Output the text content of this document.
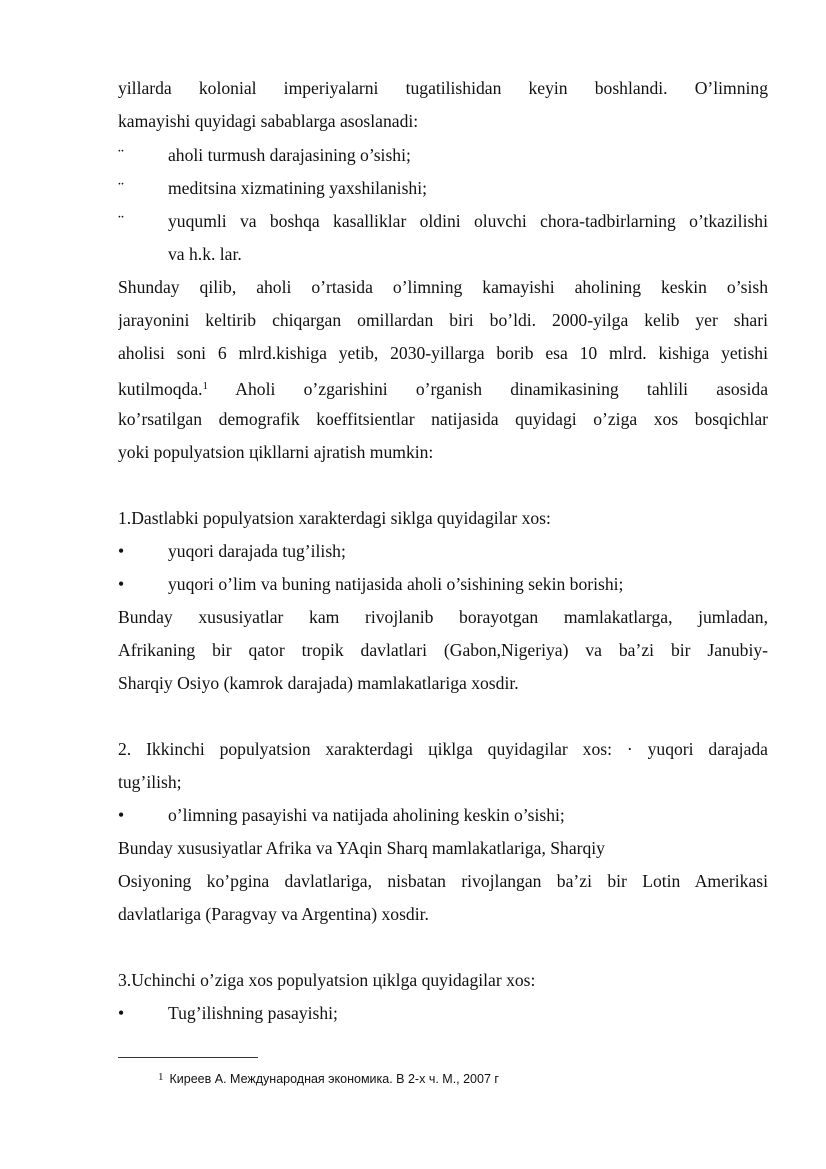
yillarda kolonial imperiyalarni tugatilishidan keyin boshlandi. O’limning
kamayishi quyidagi sabablarga asoslanadi:
¨	aholi turmush darajasining o’sishi;
¨	meditsina xizmatining yaxshilanishi;
¨	yuqumli va boshqa kasalliklar oldini oluvchi chora-tadbirlarning o’tkazilishi
va h.k. lar.
Shunday qilib, aholi o’rtasida o’limning kamayishi aholining keskin o’sish
jarayonini keltirib chiqargan omillardan biri bo’ldi. 2000-yilga kelib yer shari
aholisi soni 6 mlrd.kishiga yetib, 2030-yillarga borib esa 10 mlrd. kishiga yetishi
kutilmoqda.$^1$ Aholi o’zgarishini o’rganish dinamikasining tahlili asosida
ko’rsatilgan demografik koeffitsientlar natijasida quyidagi o’ziga xos bosqichlar
yoki populyatsion цikllarni ajratish mumkin:
1.Dastlabki populyatsion xarakterdagi siklga quyidagilar xos:
•	yuqori darajada tug’ilish;
•	yuqori o’lim va buning natijasida aholi o’sishining sekin borishi;
Bunday xususiyatlar kam rivojlanib borayotgan mamlakatlarga, jumladan,
Afrikaning bir qator tropik davlatlari (Gabon,Nigeriya) va ba’zi bir Janubiy-
Sharqiy Osiyo (kamrok darajada) mamlakatlariga xosdir.
2. Ikkinchi populyatsion xarakterdagi цiklga quyidagilar xos: · yuqori darajada
tug’ilish;
•	o’limning pasayishi va natijada aholining keskin o’sishi;
Bunday xususiyatlar Afrika va YAqin Sharq mamlakatlariga, Sharqiy
Osiyoning ko’pgina davlatlariga, nisbatan rivojlangan ba’zi bir Lotin Amerikasi
davlatlariga (Paragvay va Argentina) xosdir.
3.Uchinchi o’ziga xos populyatsion цiklga quyidagilar xos:
•	Tug’ilishning pasayishi;
1 Киреев А. Международная экономика. В 2-х ч. М., 2007 г
